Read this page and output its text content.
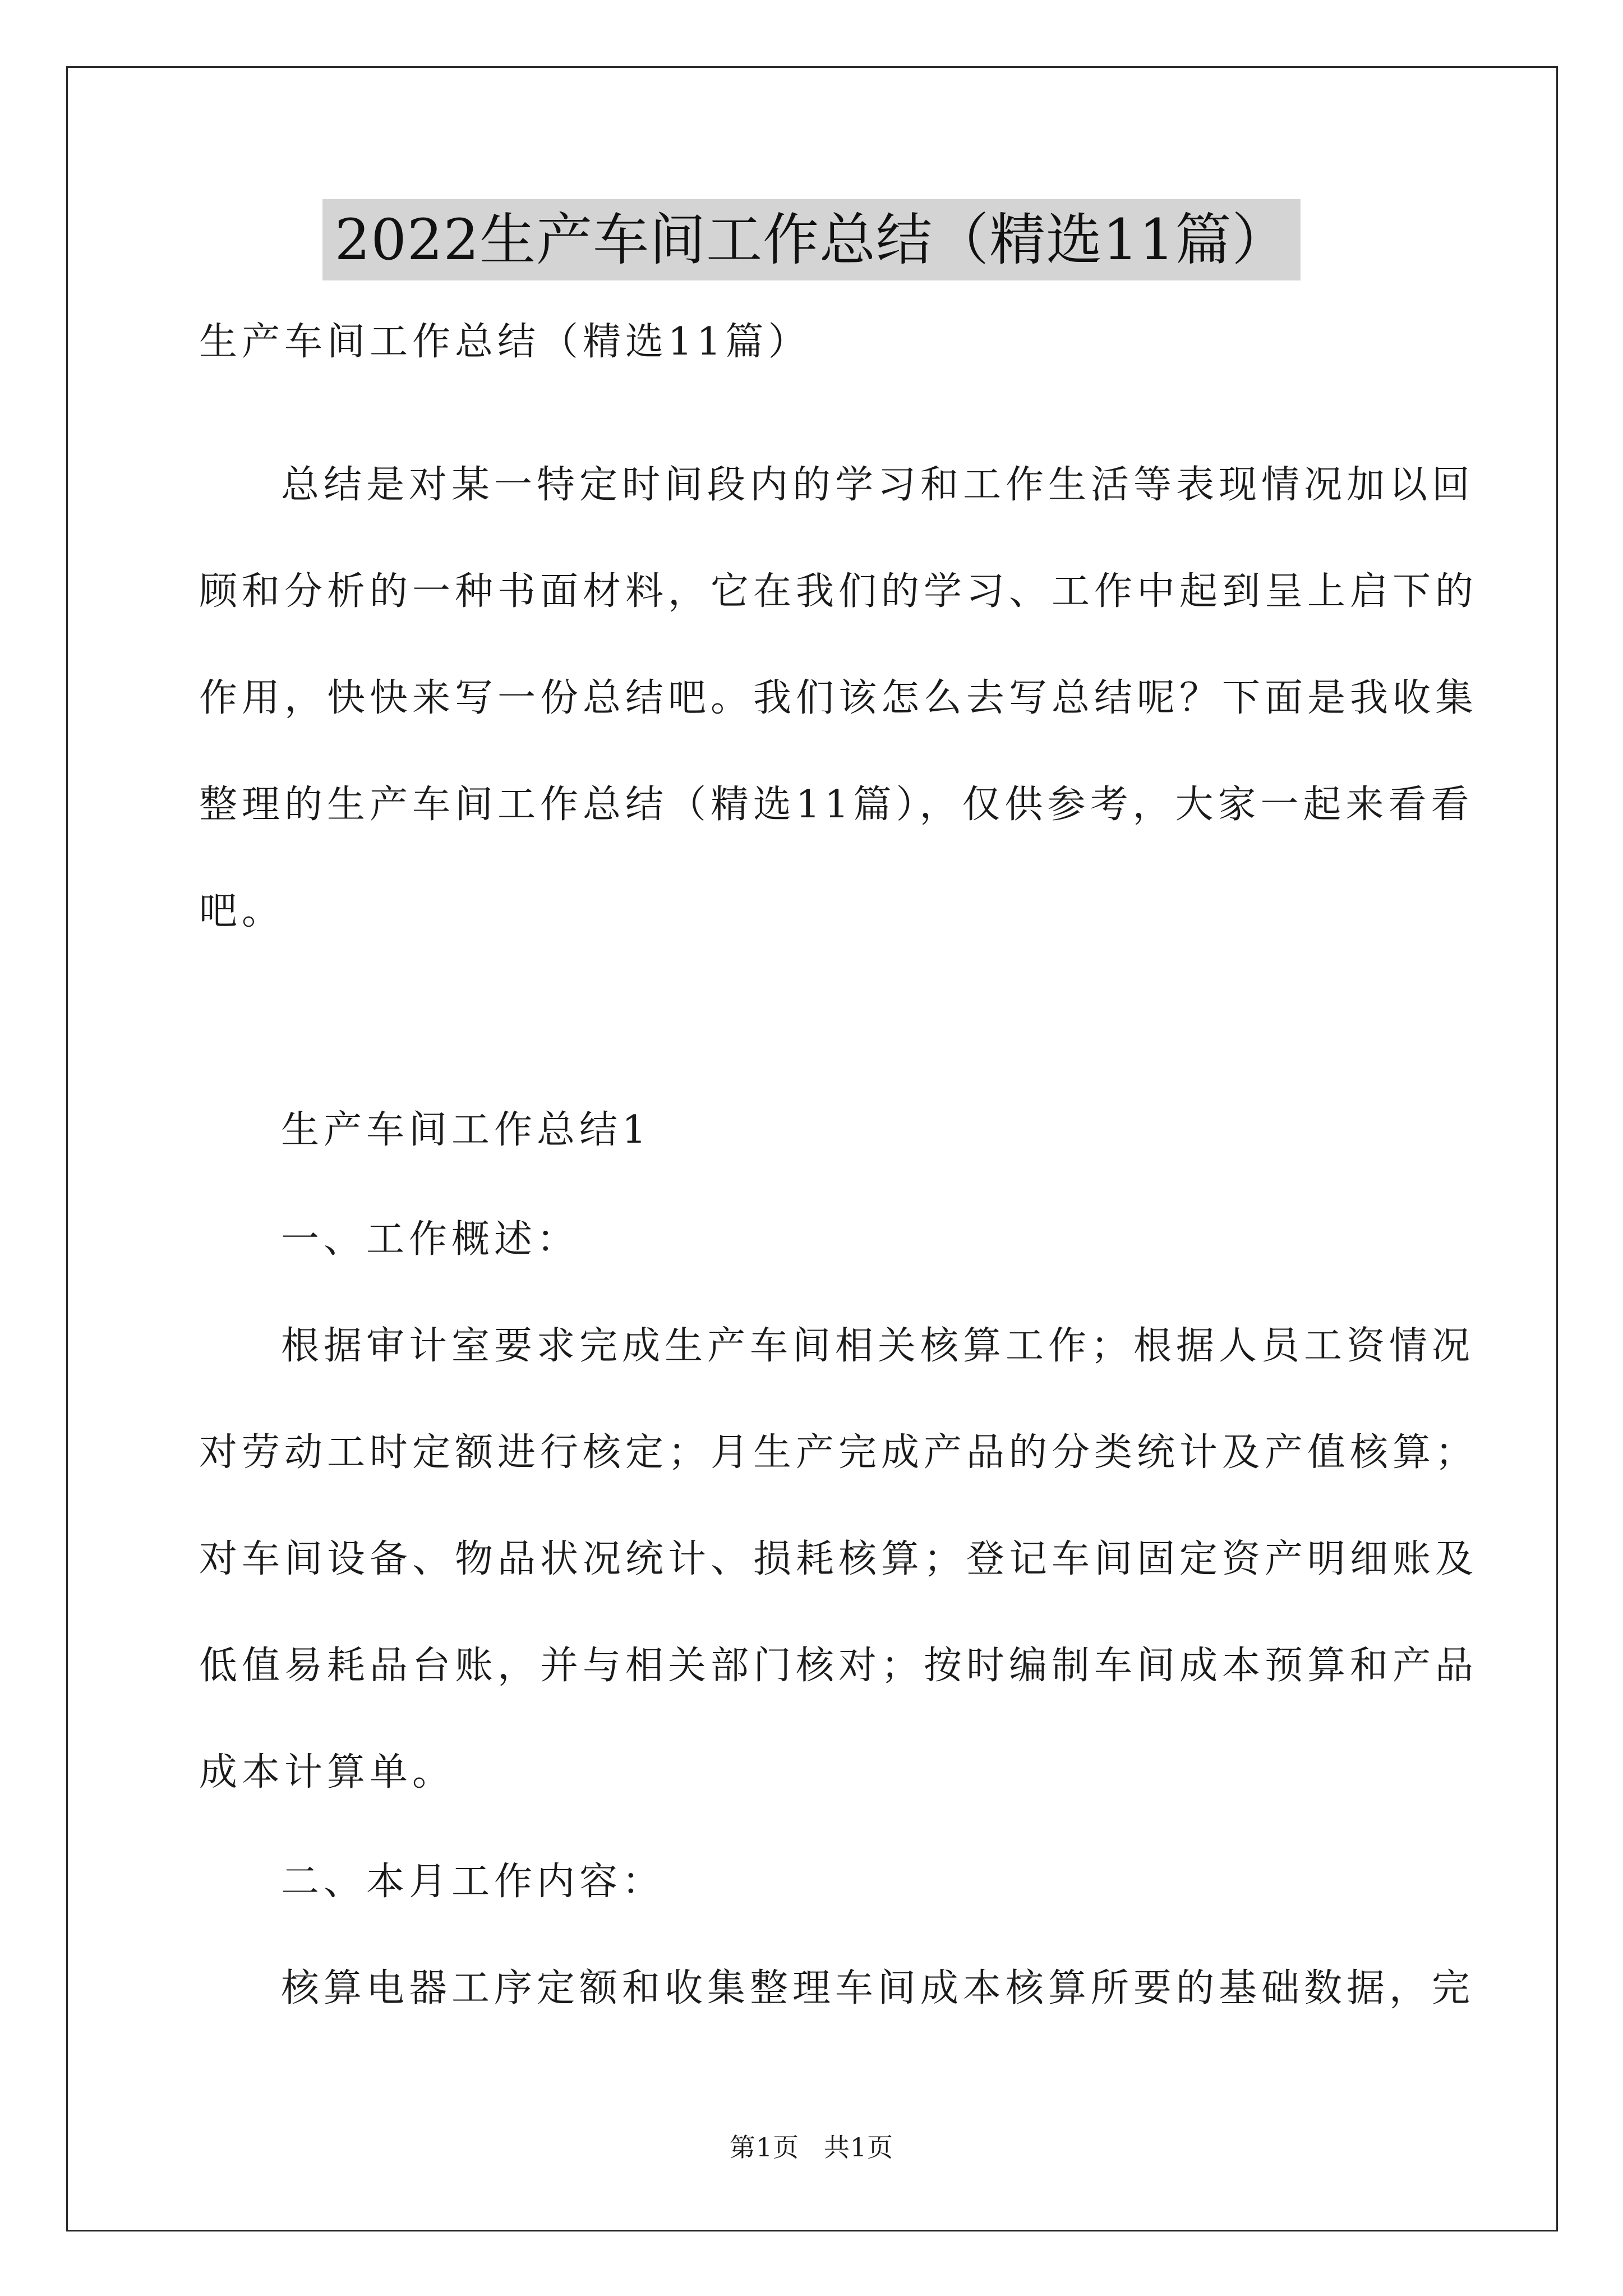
2022生产车间工作总结（精选11篇）

生产车间工作总结（精选11篇）

总结是对某一特定时间段内的学习和工作生活等表现情况加以回
顾和分析的一种书面材料，它在我们的学习、工作中起到呈上启下的
作用，快快来写一份总结吧。我们该怎么去写总结呢？下面是我收集
整理的生产车间工作总结（精选11篇），仅供参考，大家一起来看看
吧。
生产车间工作总结1
一、工作概述：
根据审计室要求完成生产车间相关核算工作；根据人员工资情况
对劳动工时定额进行核定；月生产完成产品的分类统计及产值核算；
对车间设备、物品状况统计、损耗核算；登记车间固定资产明细账及
低值易耗品台账，并与相关部门核对；按时编制车间成本预算和产品
成本计算单。
二、本月工作内容：
核算电器工序定额和收集整理车间成本核算所要的基础数据，完
第1页 共1页
